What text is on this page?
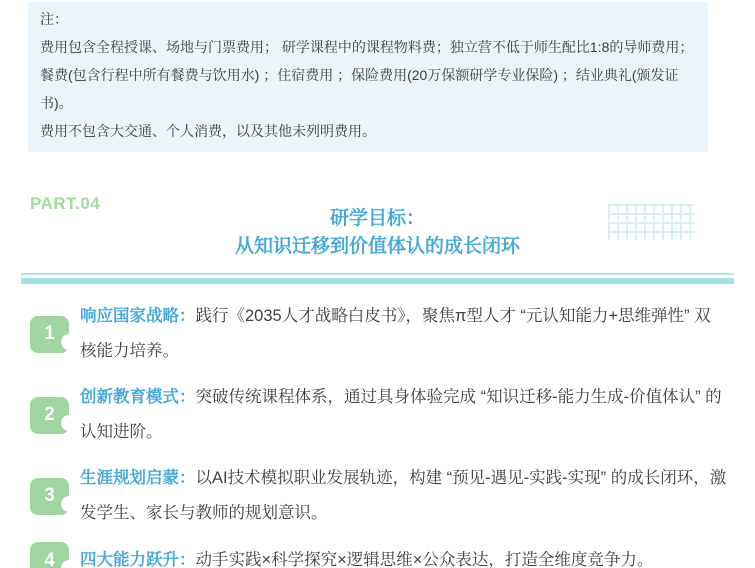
注：

费用包含全程授课、场地与门票费用； 研学课程中的课程物料费；独立营不低于师生配比1:8的导师费用；餐费(包含行程中所有餐费与饮用水) ；住宿费用 ；保险费用(20万保额研学专业保险) ；结业典礼(颁发证书)。

费用不包含大交通、个人消费，以及其他未列明费用。

PART.04
研学目标：
从知识迁移到价值体认的成长闭环
1

响应国家战略：践行《2035人才战略白皮书》，聚焦π型人才 “元认知能力+思维弹性” 双核能力培养。

2

创新教育模式：突破传统课程体系，通过具身体验完成 “知识迁移-能力生成-价值体认” 的认知进阶。

3

生涯规划启蒙：以AI技术模拟职业发展轨迹，构建 “预见-遇见-实践-实现” 的成长闭环，激发学生、家长与教师的规划意识。

4 四大能力跃升：动手实践×科学探究×逻辑思维×公众表达，打造全维度竞争力。
